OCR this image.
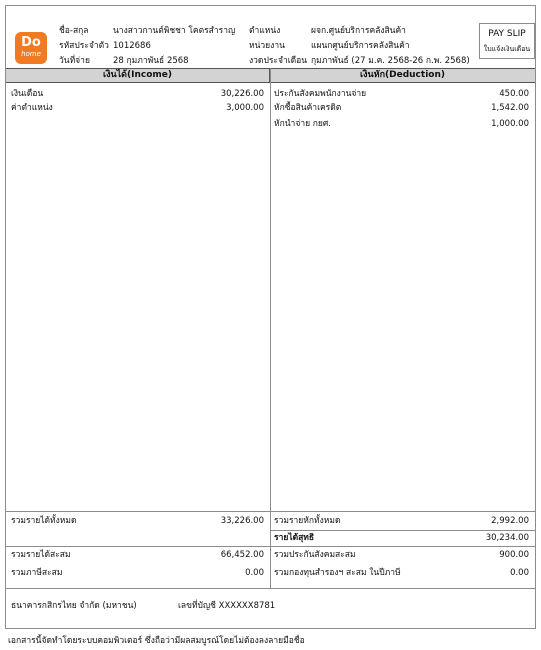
Do
home
ชื่อ-สกุล	นางสาวกานต์พิชชา โคตรสำราญ
รหัสประจำตัว 1012686
วันที่จ่าย	28 กุมภาพันธ์ 2568
ตำแหน่ง	ผจก.ศูนย์บริการคลังสินค้า
หน่วยงาน	แผนกศูนย์บริการคลังสินค้า
งวดประจำเดือน กุมภาพันธ์ (27 ม.ค. 2568-26 ก.พ. 2568)
PAY SLIP
ใบแจ้งเงินเดือน
เงินได้(Income)	เงินหัก(Deduction)
เงินเดือน	30,226.00
ค่าตำแหน่ง	3,000.00
ประกันสังคมพนักงานจ่าย	450.00
หักซื้อสินค้าเครดิต	1,542.00
หักนำจ่าย กยศ.	1,000.00
รวมรายได้ทั้งหมด	33,226.00 รวมรายหักทั้งหมด	2,992.00
รายได้สุทธิ	30,234.00
รวมรายได้สะสม	66,452.00 รวมประกันสังคมสะสม	900.00
รวมภาษีสะสม	0.00 รวมกองทุนสำรองฯ สะสม ในปีภาษี	0.00
ธนาคารกสิกรไทย จำกัด (มหาชน)	เลขที่บัญชี XXXXXX8781
เอกสารนี้จัดทำโดยระบบคอมพิวเตอร์ ซึ่งถือว่ามีผลสมบูรณ์โดยไม่ต้องลงลายมือชื่อ
